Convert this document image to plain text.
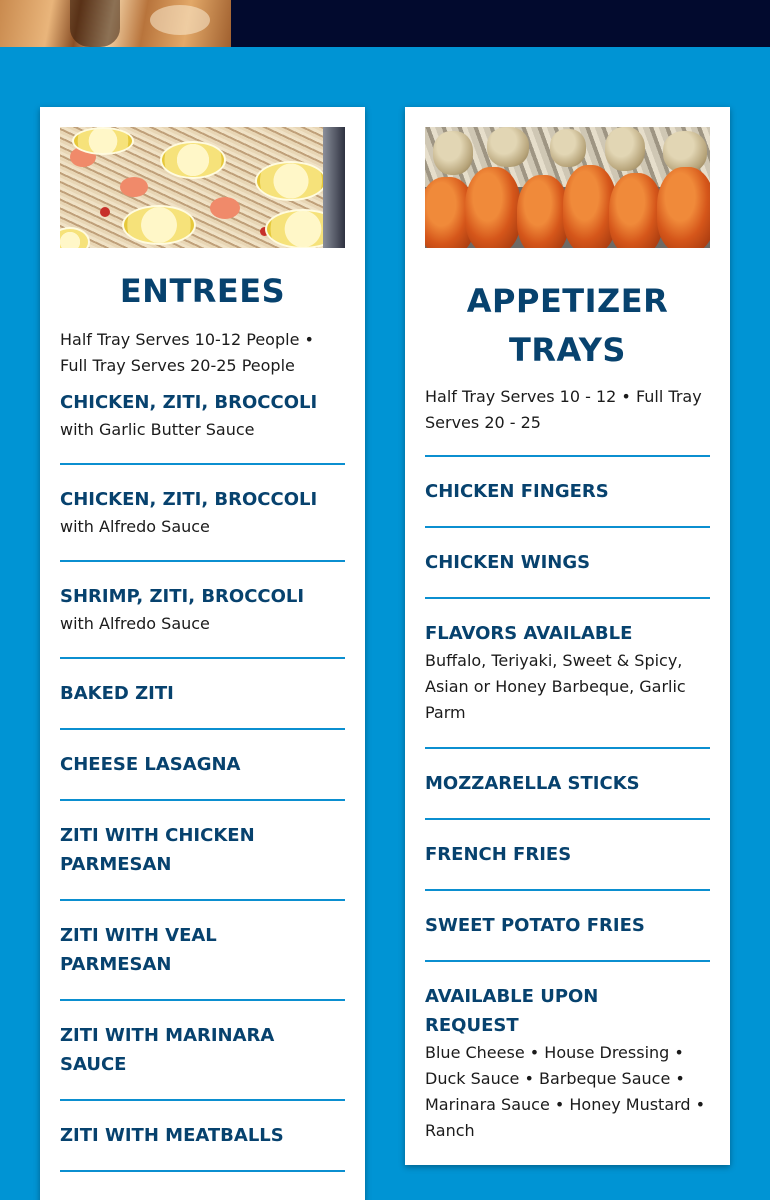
ENTREES
Half Tray Serves 10-12 People • Full Tray Serves 20-25 People
CHICKEN, ZITI, BROCCOLI
with Garlic Butter Sauce
CHICKEN, ZITI, BROCCOLI
with Alfredo Sauce
SHRIMP, ZITI, BROCCOLI
with Alfredo Sauce
BAKED ZITI
CHEESE LASAGNA
ZITI WITH CHICKEN PARMESAN
ZITI WITH VEAL PARMESAN
ZITI WITH MARINARA SAUCE
ZITI WITH MEATBALLS
APPETIZER TRAYS
Half Tray Serves 10 - 12 • Full Tray Serves 20 - 25
CHICKEN FINGERS
CHICKEN WINGS
FLAVORS AVAILABLE
Buffalo, Teriyaki, Sweet & Spicy, Asian or Honey Barbeque, Garlic Parm
MOZZARELLA STICKS
FRENCH FRIES
SWEET POTATO FRIES
AVAILABLE UPON REQUEST
Blue Cheese • House Dressing • Duck Sauce • Barbeque Sauce • Marinara Sauce • Honey Mustard • Ranch
